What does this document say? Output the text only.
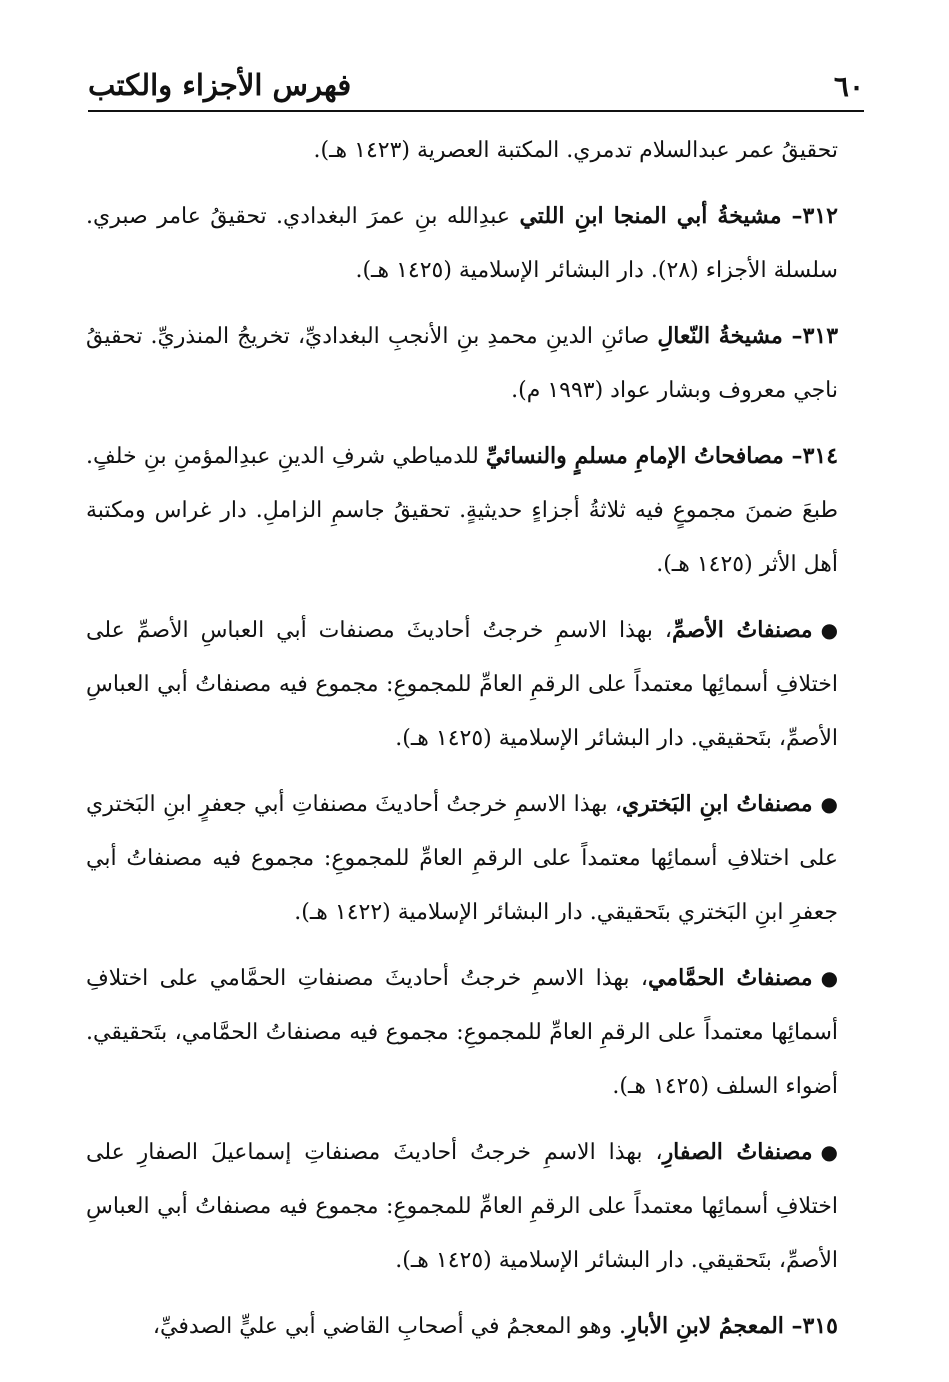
٦٠
فهرس الأجزاء والكتب

تحقيقُ عمر عبدالسلام تدمري. المكتبة العصرية (١٤٢٣ هـ).

٣١٢– مشيخةُ أبي المنجا ابنِ اللتي عبدِالله بنِ عمرَ البغدادي. تحقيقُ عامر صبري. سلسلة الأجزاء (٢٨). دار البشائر الإسلامية (١٤٢٥ هـ).

٣١٣– مشيخةُ النّعالِ صائنِ الدينِ محمدِ بنِ الأنجبِ البغداديِّ، تخريجُ المنذريِّ. تحقيقُ ناجي معروف وبشار عواد (١٩٩٣ م).

٣١٤– مصافحاتُ الإمامِ مسلمٍ والنسائيِّ للدمياطي شرفِ الدينِ عبدِالمؤمنِ بنِ خلفٍ. طبعَ ضمنَ مجموعٍ فيه ثلاثةُ أجزاءٍ حديثيةٍ. تحقيقُ جاسمِ الزاملِ. دار غراس ومكتبة أهل الأثر (١٤٢٥ هـ).

●مصنفاتُ الأصمِّ، بهذا الاسمِ خرجتُ أحاديثَ مصنفات أبي العباسِ الأصمِّ على اختلافِ أسمائِها معتمداً على الرقمِ العامِّ للمجموعِ: مجموع فيه مصنفاتُ أبي العباسِ الأصمِّ، بتَحقيقي. دار البشائر الإسلامية (١٤٢٥ هـ).

●مصنفاتُ ابنِ البَختري، بهذا الاسمِ خرجتُ أحاديثَ مصنفاتِ أبي جعفرٍ ابنِ البَختري على اختلافِ أسمائِها معتمداً على الرقمِ العامِّ للمجموعِ: مجموع فيه مصنفاتُ أبي جعفرِ ابنِ البَختري بتَحقيقي. دار البشائر الإسلامية (١٤٢٢ هـ).

●مصنفاتُ الحمَّامي، بهذا الاسمِ خرجتُ أحاديثَ مصنفاتِ الحمَّامي على اختلافِ أسمائِها معتمداً على الرقمِ العامِّ للمجموعِ: مجموع فيه مصنفاتُ الحمَّامي، بتَحقيقي. أضواء السلف (١٤٢٥ هـ).

●مصنفاتُ الصفارِ، بهذا الاسمِ خرجتُ أحاديثَ مصنفاتِ إسماعيلَ الصفارِ على اختلافِ أسمائِها معتمداً على الرقمِ العامِّ للمجموعِ: مجموع فيه مصنفاتُ أبي العباسِ الأصمِّ، بتَحقيقي. دار البشائر الإسلامية (١٤٢٥ هـ).

٣١٥– المعجمُ لابنِ الأبارِ. وهو المعجمُ في أصحابِ القاضي أبي عليٍّ الصدفيِّ،
